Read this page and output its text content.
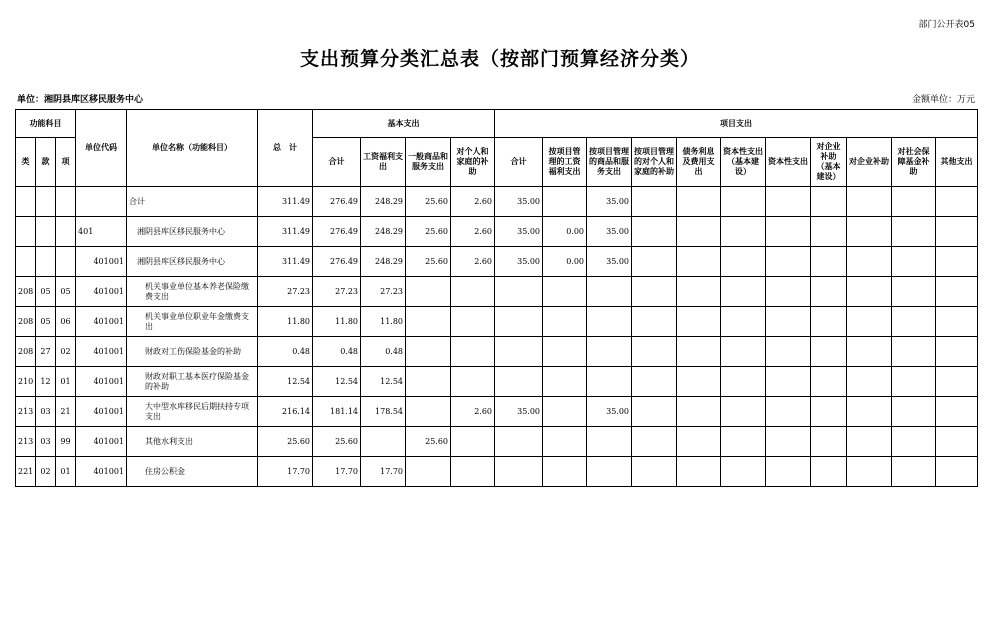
部门公开表05
支出预算分类汇总表（按部门预算经济分类）
单位：湘阴县库区移民服务中心	金额单位：万元
功能科目			单位代码	单位名称（功能科目）	总　计	基本支出				项目支出										
类	款	项				合计	工资福利支出	一般商品和服务支出	对个人和家庭的补助	合计	按项目管理的工资福利支出	按项目管理的商品和服务支出	按项目管理的对个人和家庭的补助	债务利息及费用支出	资本性支出（基本建设）	资本性支出	对企业补助（基本建设）	对企业补助	对社会保障基金补助	其他支出
				合计	311.49	276.49	248.29	25.60	2.60	35.00		35.00								
			401	湘阴县库区移民服务中心	311.49	276.49	248.29	25.60	2.60	35.00	0.00	35.00								
			401001	湘阴县库区移民服务中心	311.49	276.49	248.29	25.60	2.60	35.00	0.00	35.00								
208	05	05	401001	机关事业单位基本养老保险缴费支出	27.23	27.23	27.23													
208	05	06	401001	机关事业单位职业年金缴费支出	11.80	11.80	11.80													
208	27	02	401001	财政对工伤保险基金的补助	0.48	0.48	0.48													
210	12	01	401001	财政对职工基本医疗保险基金的补助	12.54	12.54	12.54													
213	03	21	401001	大中型水库移民后期扶持专项支出	216.14	181.14	178.54		2.60	35.00		35.00								
213	03	99	401001	其他水利支出	25.60	25.60		25.60												
221	02	01	401001	住房公积金	17.70	17.70	17.70													
